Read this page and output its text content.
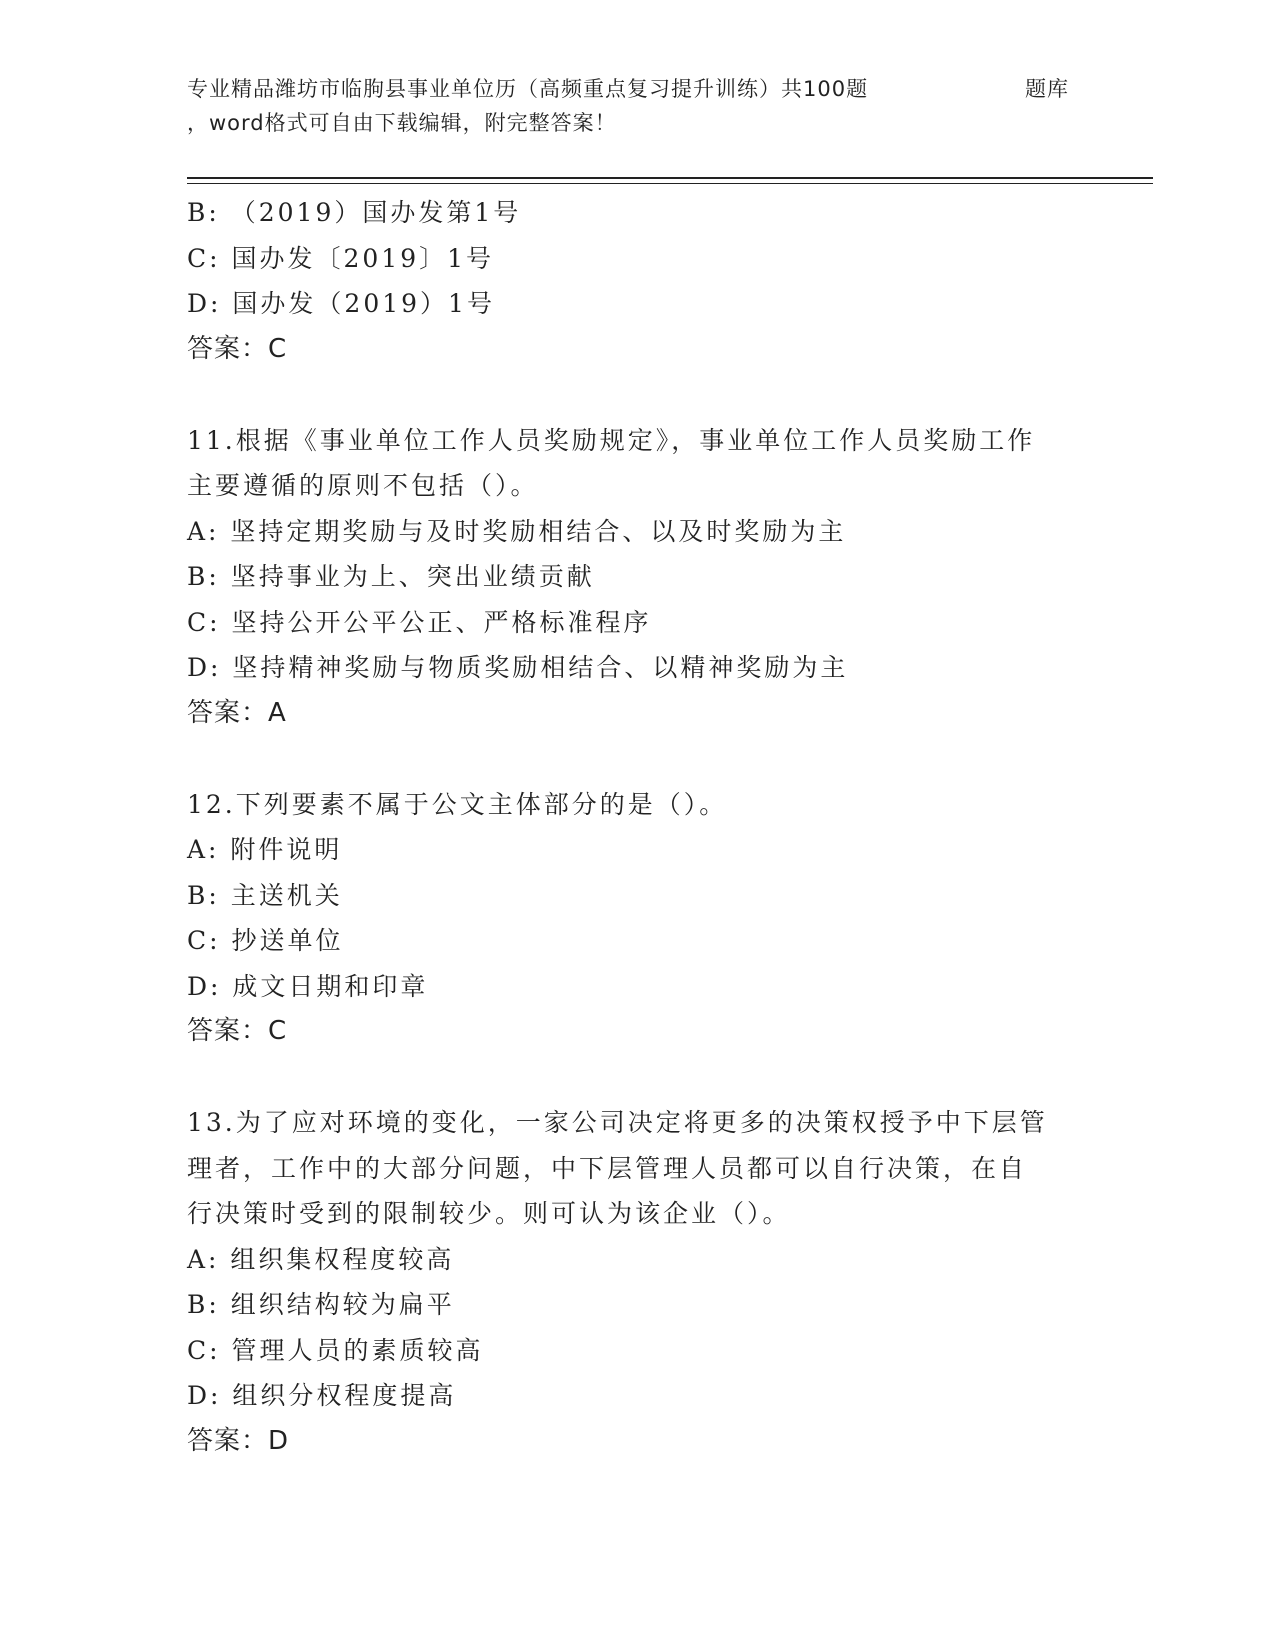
专业精品潍坊市临朐县事业单位历（高频重点复习提升训练）共100题	题库
，word格式可自由下载编辑，附完整答案！
B: （2019）国办发第1号
C: 国办发〔2019〕1号
D: 国办发（2019）1号
答案：C
11.根据《事业单位工作人员奖励规定》，事业单位工作人员奖励工作
主要遵循的原则不包括（）。
A: 坚持定期奖励与及时奖励相结合、以及时奖励为主
B: 坚持事业为上、突出业绩贡献
C: 坚持公开公平公正、严格标准程序
D: 坚持精神奖励与物质奖励相结合、以精神奖励为主
答案：A
12.下列要素不属于公文主体部分的是（）。
A: 附件说明
B: 主送机关
C: 抄送单位
D: 成文日期和印章
答案：C
13.为了应对环境的变化，一家公司决定将更多的决策权授予中下层管
理者，工作中的大部分问题，中下层管理人员都可以自行决策，在自
行决策时受到的限制较少。则可认为该企业（）。
A: 组织集权程度较高
B: 组织结构较为扁平
C: 管理人员的素质较高
D: 组织分权程度提高
答案：D
